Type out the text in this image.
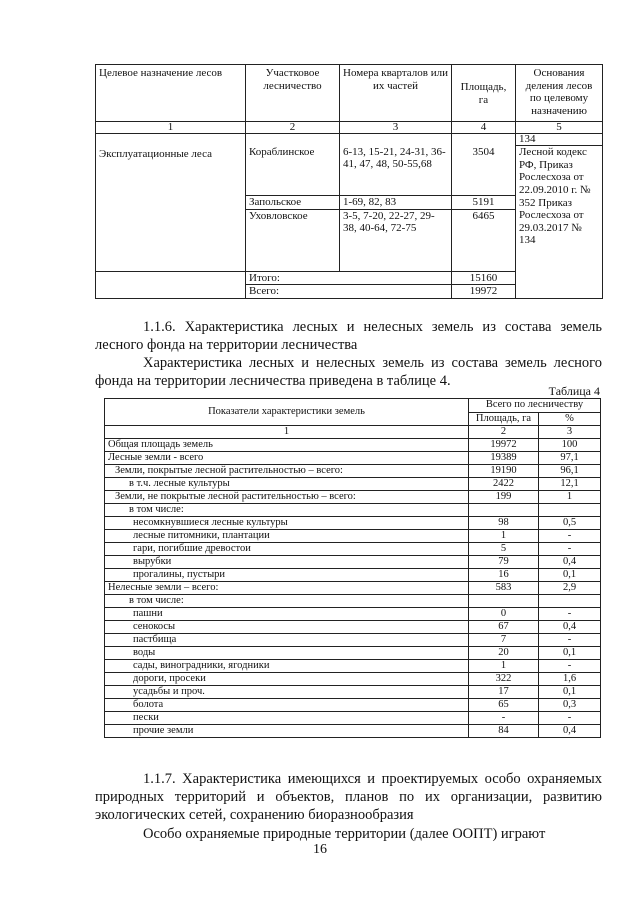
Целевое назначение лесов	Участковое лесничество	Номера кварталов или их частей	Площадь, га	Основания деления лесов по целевому назначению
1	2	3	4	5
Эксплуатационные леса				134
	Кораблинское	6-13, 15-21, 24-31, 36-41, 47, 48, 50-55,68	3504	Лесной кодекс РФ, Приказ Рослесхоза от 22.09.2010 г. № 352 Приказ Рослесхоза от 29.03.2017 № 134
	Запольское	1-69, 82, 83	5191	
	Уховловское	3-5, 7-20, 22-27, 29-38, 40-64, 72-75	6465	
	Итого:		15160	
	Всего:		19972	
1.1.6. Характеристика лесных и нелесных земель из состава земель лесного фонда на территории лесничества
Характеристика лесных и нелесных земель из состава земель лесного фонда на территории лесничества приведена в таблице 4.
Таблица 4
Показатели характеристики земель	Всего по лесничеству	
	Площадь, га	%
1	2	3
Общая площадь земель	19972	100
Лесные земли - всего	19389	97,1
Земли, покрытые лесной растительностью – всего:	19190	96,1
в т.ч. лесные культуры	2422	12,1
Земли, не покрытые лесной растительностью – всего:	199	1
в том числе:		
несомкнувшиеся лесные культуры	98	0,5
лесные питомники, плантации	1	-
гари, погибшие древостои	5	-
вырубки	79	0,4
прогалины, пустыри	16	0,1
Нелесные земли – всего:	583	2,9
в том числе:		
пашни	0	-
сенокосы	67	0,4
пастбища	7	-
воды	20	0,1
сады, виноградники, ягодники	1	-
дороги, просеки	322	1,6
усадьбы и проч.	17	0,1
болота	65	0,3
пески	-	-
прочие земли	84	0,4
1.1.7. Характеристика имеющихся и проектируемых особо охраняемых природных территорий и объектов, планов по их организации, развитию экологических сетей, сохранению биоразнообразия
Особо охраняемые природные территории (далее ООПТ) играют
16
